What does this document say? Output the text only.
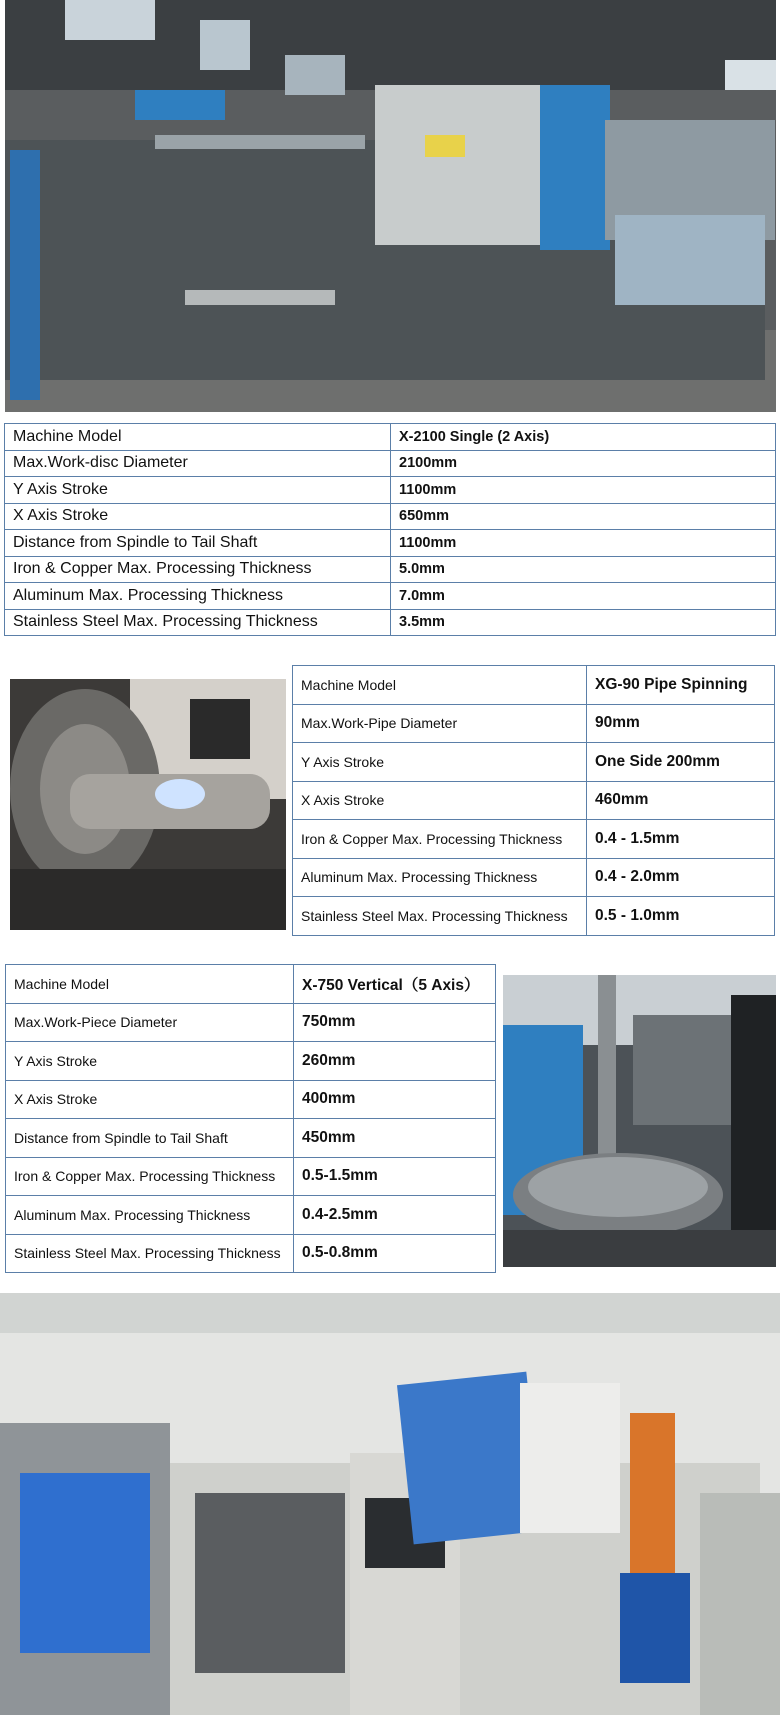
Machine Model	X-2100 Single (2 Axis)
Max.Work-disc Diameter	2100mm
Y Axis Stroke	1100mm
X Axis Stroke	650mm
Distance from Spindle to Tail Shaft	1100mm
Iron & Copper Max. Processing Thickness	5.0mm
Aluminum Max. Processing Thickness	7.0mm
Stainless Steel Max. Processing Thickness	3.5mm
Machine Model	XG-90 Pipe Spinning
Max.Work-Pipe Diameter	90mm
Y Axis Stroke	One Side 200mm
X Axis Stroke	460mm
Iron & Copper Max. Processing Thickness	0.4 - 1.5mm
Aluminum Max. Processing Thickness	0.4 - 2.0mm
Stainless Steel Max. Processing Thickness	0.5 - 1.0mm
Machine Model	X-750 Vertical（5 Axis）
Max.Work-Piece Diameter	750mm
Y Axis Stroke	260mm
X Axis Stroke	400mm
Distance from Spindle to Tail Shaft	450mm
Iron & Copper Max. Processing Thickness	0.5-1.5mm
Aluminum Max. Processing Thickness	0.4-2.5mm
Stainless Steel Max. Processing Thickness	0.5-0.8mm
